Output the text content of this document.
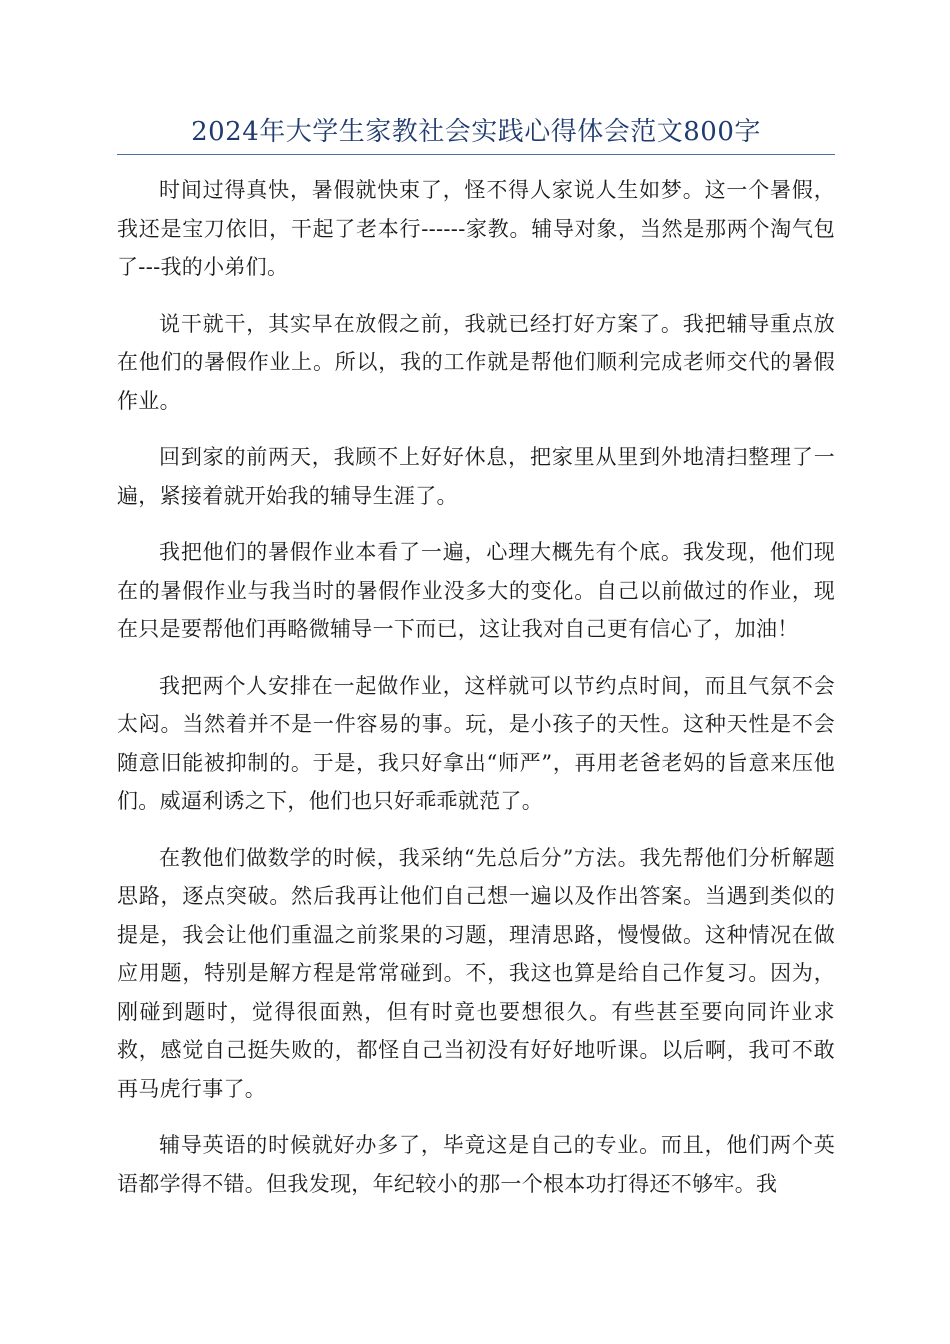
2024年大学生家教社会实践心得体会范文800字

时间过得真快，暑假就快束了，怪不得人家说人生如梦。这一个暑假，我还是宝刀依旧，干起了老本行------家教。辅导对象，当然是那两个淘气包了---我的小弟们。

说干就干，其实早在放假之前，我就已经打好方案了。我把辅导重点放在他们的暑假作业上。所以，我的工作就是帮他们顺利完成老师交代的暑假作业。

回到家的前两天，我顾不上好好休息，把家里从里到外地清扫整理了一遍，紧接着就开始我的辅导生涯了。

我把他们的暑假作业本看了一遍，心理大概先有个底。我发现，他们现在的暑假作业与我当时的暑假作业没多大的变化。自己以前做过的作业，现在只是要帮他们再略微辅导一下而已，这让我对自己更有信心了，加油！

我把两个人安排在一起做作业，这样就可以节约点时间，而且气氛不会太闷。当然着并不是一件容易的事。玩，是小孩子的天性。这种天性是不会随意旧能被抑制的。于是，我只好拿出“师严”，再用老爸老妈的旨意来压他们。威逼利诱之下，他们也只好乖乖就范了。

在教他们做数学的时候，我采纳“先总后分”方法。我先帮他们分析解题思路，逐点突破。然后我再让他们自己想一遍以及作出答案。当遇到类似的提是，我会让他们重温之前浆果的习题，理清思路，慢慢做。这种情况在做应用题，特别是解方程是常常碰到。不，我这也算是给自己作复习。因为，刚碰到题时，觉得很面熟，但有时竟也要想很久。有些甚至要向同许业求救，感觉自己挺失败的，都怪自己当初没有好好地听课。以后啊，我可不敢再马虎行事了。

辅导英语的时候就好办多了，毕竟这是自己的专业。而且，他们两个英语都学得不错。但我发现，年纪较小的那一个根本功打得还不够牢。我
